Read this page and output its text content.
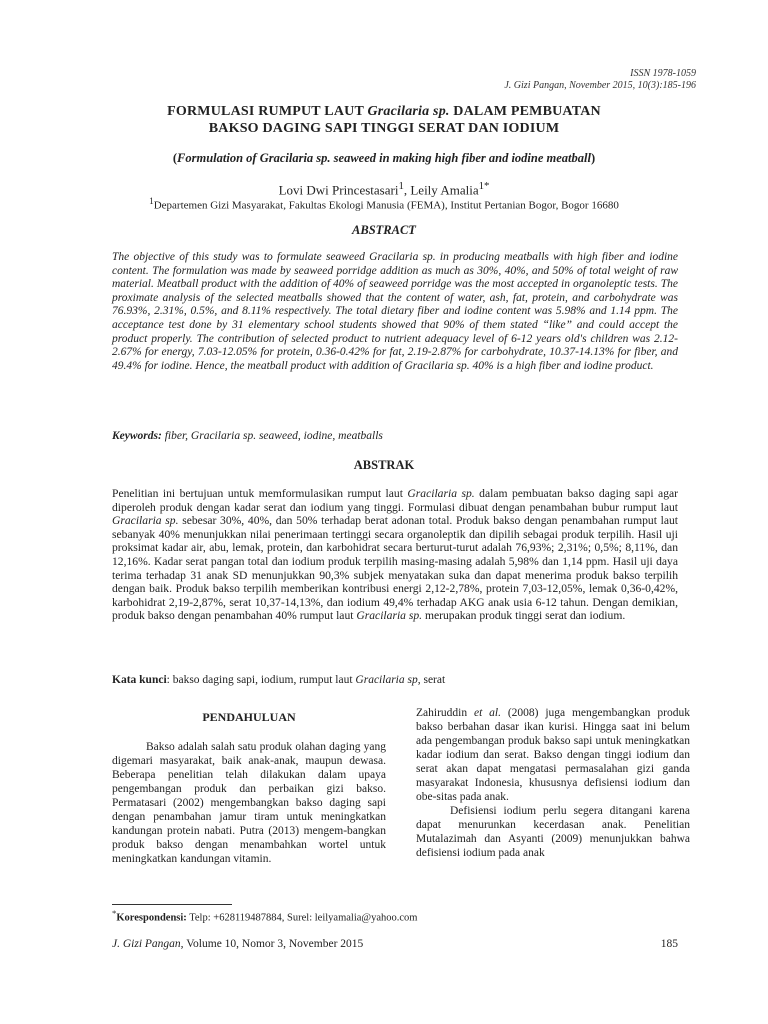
ISSN 1978-1059
J. Gizi Pangan, November 2015, 10(3):185-196
FORMULASI RUMPUT LAUT Gracilaria sp. DALAM PEMBUATAN
BAKSO DAGING SAPI TINGGI SERAT DAN IODIUM
(Formulation of Gracilaria sp. seaweed in making high fiber and iodine meatball)
Lovi Dwi Princestasari$^1$, Leily Amalia$^{1*}$
$^1$Departemen Gizi Masyarakat, Fakultas Ekologi Manusia (FEMA), Institut Pertanian Bogor, Bogor 16680
ABSTRACT
The objective of this study was to formulate seaweed Gracilaria sp. in producing meatballs with high fiber and iodine content. The formulation was made by seaweed porridge addition as much as 30%, 40%, and 50% of total weight of raw material. Meatball product with the addition of 40% of seaweed porridge was the most accepted in organoleptic tests. The proximate analysis of the selected meatballs showed that the content of water, ash, fat, protein, and carbohydrate was 76.93%, 2.31%, 0.5%, and 8.11% respectively. The total dietary fiber and iodine content was 5.98% and 1.14 ppm. The acceptance test done by 31 elementary school students showed that 90% of them stated “like” and could accept the product properly. The contribution of selected product to nutrient adequacy level of 6-12 years old's children was 2.12-2.67% for energy, 7.03-12.05% for protein, 0.36-0.42% for fat, 2.19-2.87% for carbohydrate, 10.37-14.13% for fiber, and 49.4% for iodine. Hence, the meatball product with addition of Gracilaria sp. 40% is a high fiber and iodine product.
Keywords: fiber, Gracilaria sp. seaweed, iodine, meatballs
ABSTRAK
Penelitian ini bertujuan untuk memformulasikan rumput laut Gracilaria sp. dalam pembuatan bakso daging sapi agar diperoleh produk dengan kadar serat dan iodium yang tinggi. Formulasi dibuat dengan penambahan bubur rumput laut Gracilaria sp. sebesar 30%, 40%, dan 50% terhadap berat adonan total. Produk bakso dengan penambahan rumput laut sebanyak 40% menunjukkan nilai penerimaan tertinggi secara organoleptik dan dipilih sebagai produk terpilih. Hasil uji proksimat kadar air, abu, lemak, protein, dan karbohidrat secara berturut-turut adalah 76,93%; 2,31%; 0,5%; 8,11%, dan 12,16%. Kadar serat pangan total dan iodium produk terpilih masing-masing adalah 5,98% dan 1,14 ppm. Hasil uji daya terima terhadap 31 anak SD menunjukkan 90,3% subjek menyatakan suka dan dapat menerima produk bakso terpilih dengan baik. Produk bakso terpilih memberikan kontribusi energi 2,12-2,78%, protein 7,03-12,05%, lemak 0,36-0,42%, karbohidrat 2,19-2,87%, serat 10,37-14,13%, dan iodium 49,4% terhadap AKG anak usia 6-12 tahun. Dengan demikian, produk bakso dengan penambahan 40% rumput laut Gracilaria sp. merupakan produk tinggi serat dan iodium.
Kata kunci: bakso daging sapi, iodium, rumput laut Gracilaria sp, serat
PENDAHULUAN

Bakso adalah salah satu produk olahan daging yang digemari masyarakat, baik anak-anak, maupun dewasa. Beberapa penelitian telah dilakukan dalam upaya pengembangan produk dan perbaikan gizi bakso. Permatasari (2002) mengembangkan bakso daging sapi dengan penambahan jamur tiram untuk meningkatkan kandungan protein nabati. Putra (2013) mengem-bangkan produk bakso dengan menambahkan wortel untuk meningkatkan kandungan vitamin.

Zahiruddin et al. (2008) juga mengembangkan produk bakso berbahan dasar ikan kurisi. Hingga saat ini belum ada pengembangan produk bakso sapi untuk meningkatkan kadar iodium dan serat. Bakso dengan tinggi iodium dan serat akan dapat mengatasi permasalahan gizi ganda masyarakat Indonesia, khususnya defisiensi iodium dan obe-sitas pada anak.

Defisiensi iodium perlu segera ditangani karena dapat menurunkan kecerdasan anak. Penelitian Mutalazimah dan Asyanti (2009) menunjukkan bahwa defisiensi iodium pada anak

*Korespondensi: Telp: +628119487884, Surel: leilyamalia@yahoo.com
J. Gizi Pangan, Volume 10, Nomor 3, November 2015	185
